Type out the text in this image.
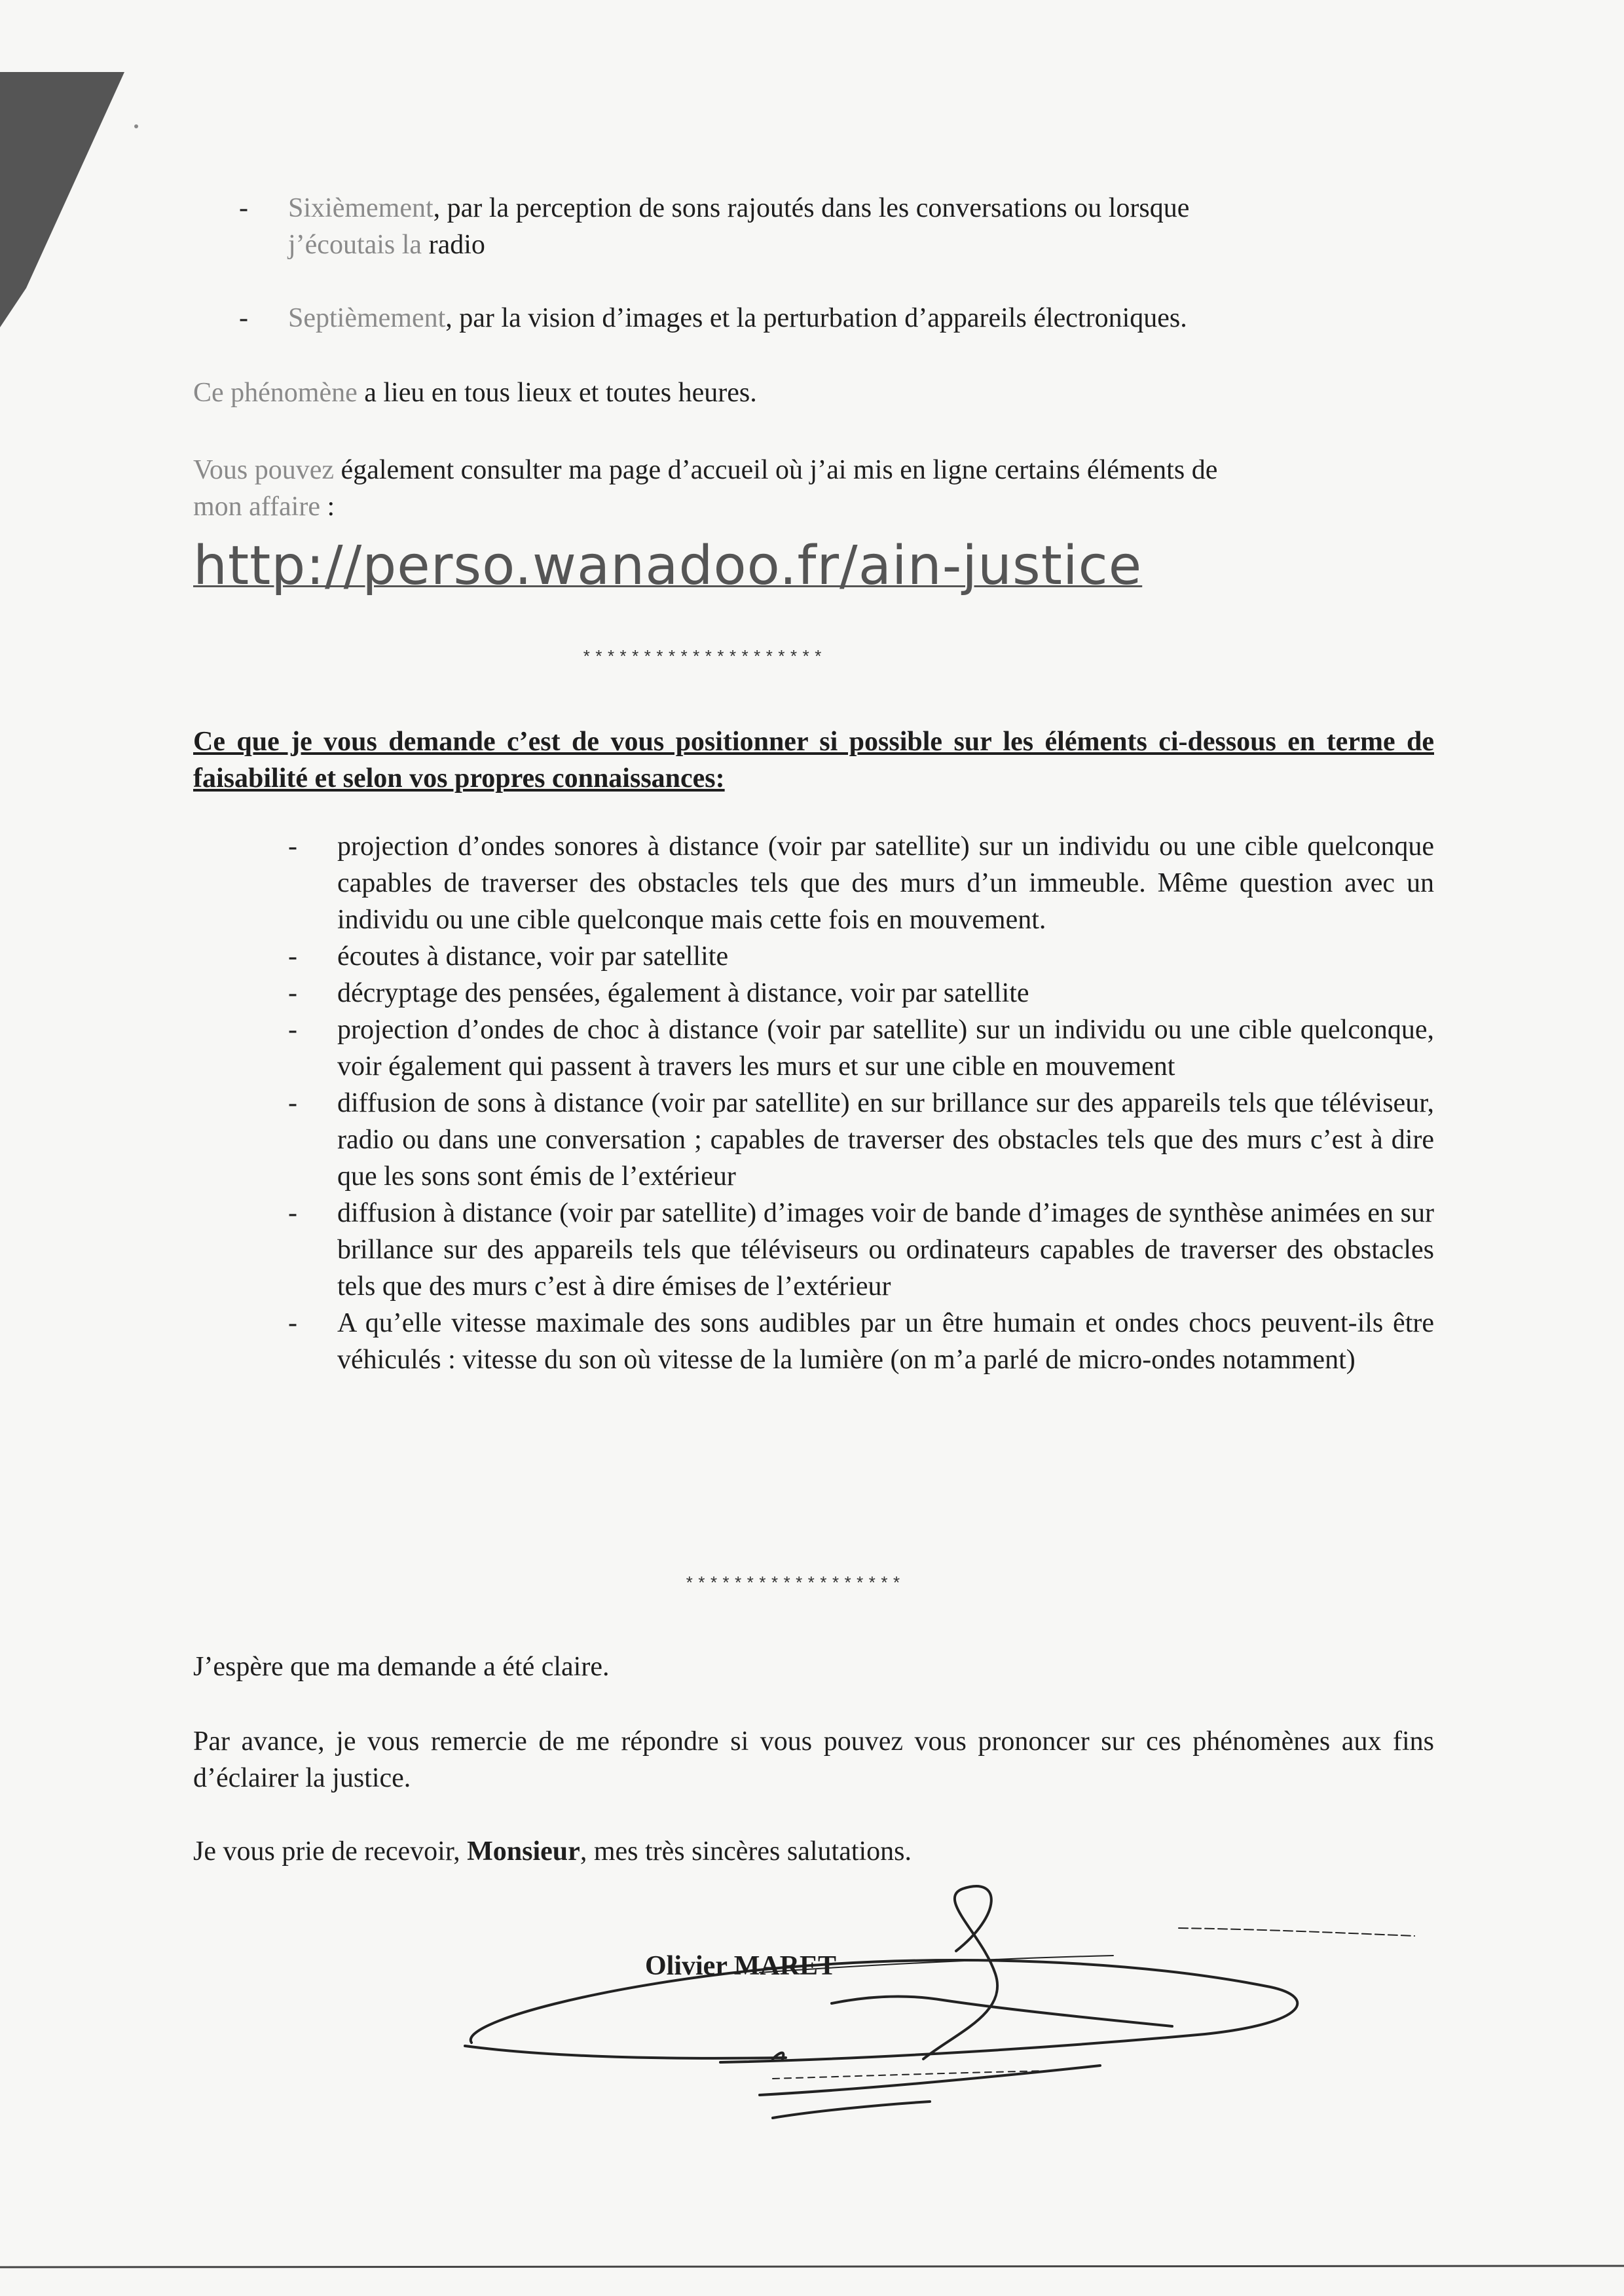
- Sixièmement, par la perception de sons rajoutés dans les conversations ou lorsque
j’écoutais la radio
- Septièmement, par la vision d’images et la perturbation d’appareils électroniques.
Ce phénomène a lieu en tous lieux et toutes heures.
Vous pouvez également consulter ma page d’accueil où j’ai mis en ligne certains éléments de
mon affaire :
http://perso.wanadoo.fr/ain-justice
********************
Ce que je vous demande c’est de vous positionner si possible sur les éléments ci-dessous en terme de faisabilité et selon vos propres connaissances:
- projection d’ondes sonores à distance (voir par satellite) sur un individu ou une cible quelconque capables de traverser des obstacles tels que des murs d’un immeuble. Même question avec un individu ou une cible quelconque mais cette fois en mouvement.
- écoutes à distance, voir par satellite
- décryptage des pensées, également à distance, voir par satellite
- projection d’ondes de choc à distance (voir par satellite) sur un individu ou une cible quelconque, voir également qui passent à travers les murs et sur une cible en mouvement
- diffusion de sons à distance (voir par satellite) en sur brillance sur des appareils tels que téléviseur, radio ou dans une conversation ; capables de traverser des obstacles tels que des murs c’est à dire que les sons sont émis de l’extérieur
- diffusion à distance (voir par satellite) d’images voir de bande d’images de synthèse animées en sur brillance sur des appareils tels que téléviseurs ou ordinateurs capables de traverser des obstacles tels que des murs c’est à dire émises de l’extérieur
- A qu’elle vitesse maximale des sons audibles par un être humain et ondes chocs peuvent-ils être véhiculés : vitesse du son où vitesse de la lumière (on m’a parlé de micro-ondes notamment)
******************
J’espère que ma demande a été claire.
Par avance, je vous remercie de me répondre si vous pouvez vous prononcer sur ces phénomènes aux fins d’éclairer la justice.
Je vous prie de recevoir, Monsieur, mes très sincères salutations.
Olivier MARET
